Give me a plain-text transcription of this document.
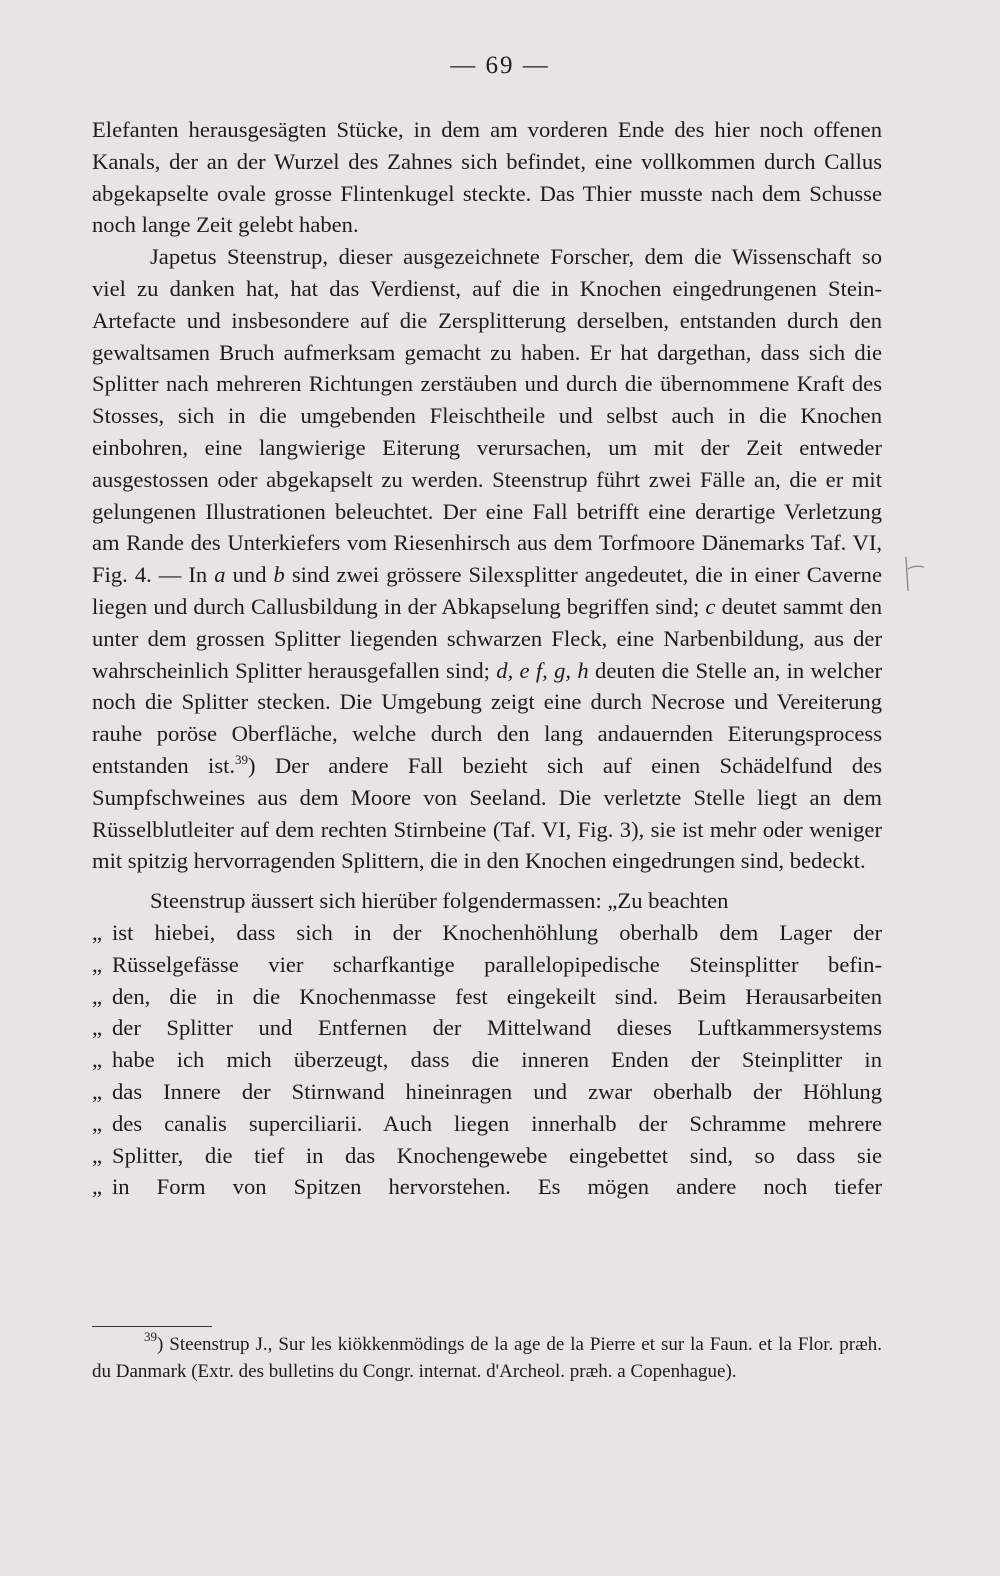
— 69 —

Elefanten herausgesägten Stücke, in dem am vorderen Ende des hier noch offenen Kanals, der an der Wurzel des Zahnes sich befindet, eine vollkommen durch Callus abgekapselte ovale grosse Flintenkugel steckte. Das Thier musste nach dem Schusse noch lange Zeit gelebt haben.

Japetus Steenstrup, dieser ausgezeichnete Forscher, dem die Wissenschaft so viel zu danken hat, hat das Verdienst, auf die in Knochen eingedrungenen Stein-Artefacte und insbesondere auf die Zersplitterung derselben, entstanden durch den gewaltsamen Bruch aufmerksam gemacht zu haben. Er hat dargethan, dass sich die Splitter nach mehreren Richtungen zerstäuben und durch die übernommene Kraft des Stosses, sich in die umgebenden Fleischtheile und selbst auch in die Knochen einbohren, eine langwierige Eiterung verursachen, um mit der Zeit entweder ausgestossen oder abgekapselt zu werden. Steenstrup führt zwei Fälle an, die er mit gelungenen Illustrationen beleuchtet. Der eine Fall betrifft eine derartige Verletzung am Rande des Unterkiefers vom Riesenhirsch aus dem Torfmoore Dänemarks Taf. VI, Fig. 4. — In a und b sind zwei grössere Silexsplitter angedeutet, die in einer Caverne liegen und durch Callusbildung in der Abkapselung begriffen sind; c deutet sammt den unter dem grossen Splitter liegenden schwarzen Fleck, eine Narbenbildung, aus der wahrscheinlich Splitter herausgefallen sind; d, e f, g, h deuten die Stelle an, in welcher noch die Splitter stecken. Die Umgebung zeigt eine durch Necrose und Vereiterung rauhe poröse Oberfläche, welche durch den lang andauernden Eiterungsprocess entstanden ist.$^{39}$) Der andere Fall bezieht sich auf einen Schädelfund des Sumpfschweines aus dem Moore von Seeland. Die verletzte Stelle liegt an dem Rüsselblutleiter auf dem rechten Stirnbeine (Taf. VI, Fig. 3), sie ist mehr oder weniger mit spitzig hervorragenden Splittern, die in den Knochen eingedrungen sind, bedeckt.

Steenstrup äussert sich hierüber folgendermassen: „Zu beachten

„ ist hiebei, dass sich in der Knochenhöhlung oberhalb dem Lager der
„ Rüsselgefässe vier scharfkantige parallelopipedische Steinsplitter befin-
„ den, die in die Knochenmasse fest eingekeilt sind. Beim Herausarbeiten
„ der Splitter und Entfernen der Mittelwand dieses Luftkammersystems
„ habe ich mich überzeugt, dass die inneren Enden der Steinplitter in
„ das Innere der Stirnwand hineinragen und zwar oberhalb der Höhlung
„ des canalis superciliarii. Auch liegen innerhalb der Schramme mehrere
„ Splitter, die tief in das Knochengewebe eingebettet sind, so dass sie
„ in Form von Spitzen hervorstehen. Es mögen andere noch tiefer

$^{39}$) Steenstrup J., Sur les kiökkenmödings de la age de la Pierre et sur la Faun. et la Flor. præh. du Danmark (Extr. des bulletins du Congr. internat. d'Archeol. præh. a Copenhague).
